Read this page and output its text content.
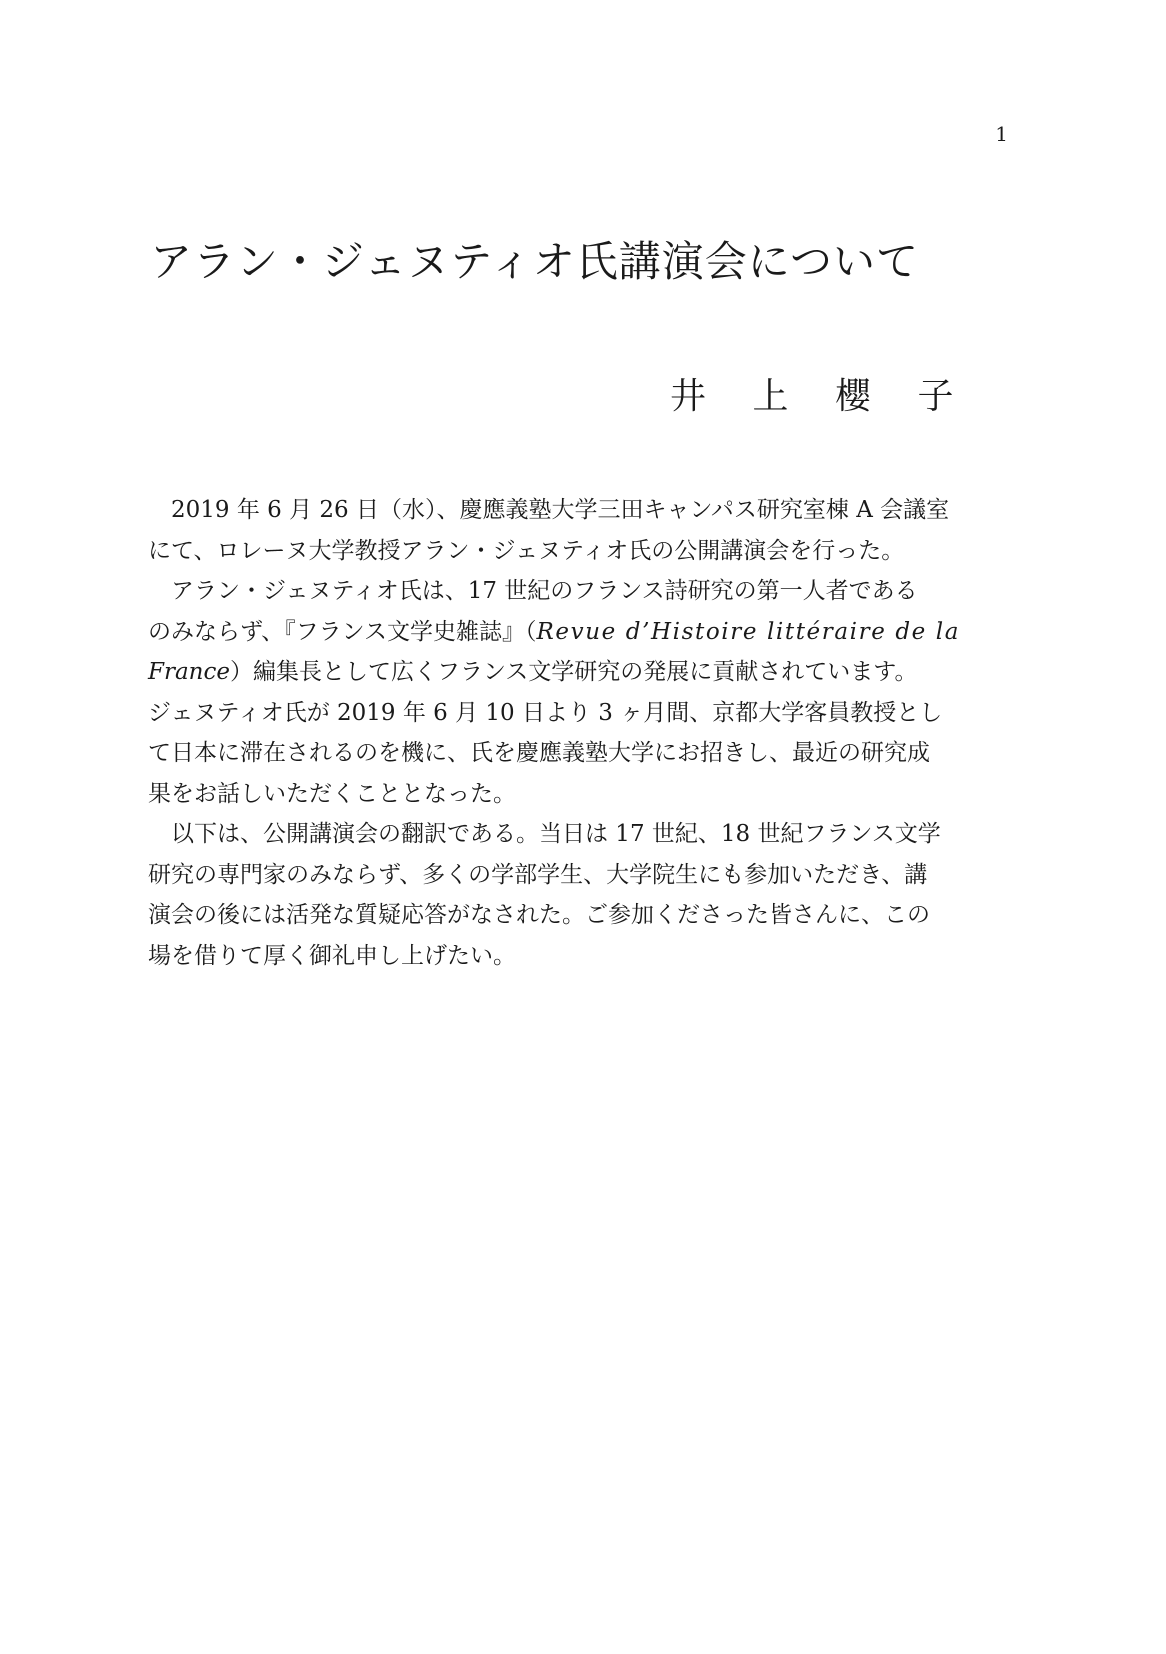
1
アラン・ジェヌティオ氏講演会について
井 上 櫻 子
2019 年 6 月 26 日（水）、慶應義塾大学三田キャンパス研究室棟 A 会議室
にて、ロレーヌ大学教授アラン・ジェヌティオ氏の公開講演会を行った。
アラン・ジェヌティオ氏は、17 世紀のフランス詩研究の第一人者である
のみならず、『フランス文学史雑誌』（Revue d’Histoire littéraire de la
France）編集長として広くフランス文学研究の発展に貢献されています。
ジェヌティオ氏が 2019 年 6 月 10 日より 3 ヶ月間、京都大学客員教授とし
て日本に滞在されるのを機に、氏を慶應義塾大学にお招きし、最近の研究成
果をお話しいただくこととなった。
以下は、公開講演会の翻訳である。当日は 17 世紀、18 世紀フランス文学
研究の専門家のみならず、多くの学部学生、大学院生にも参加いただき、講
演会の後には活発な質疑応答がなされた。ご参加くださった皆さんに、この
場を借りて厚く御礼申し上げたい。
